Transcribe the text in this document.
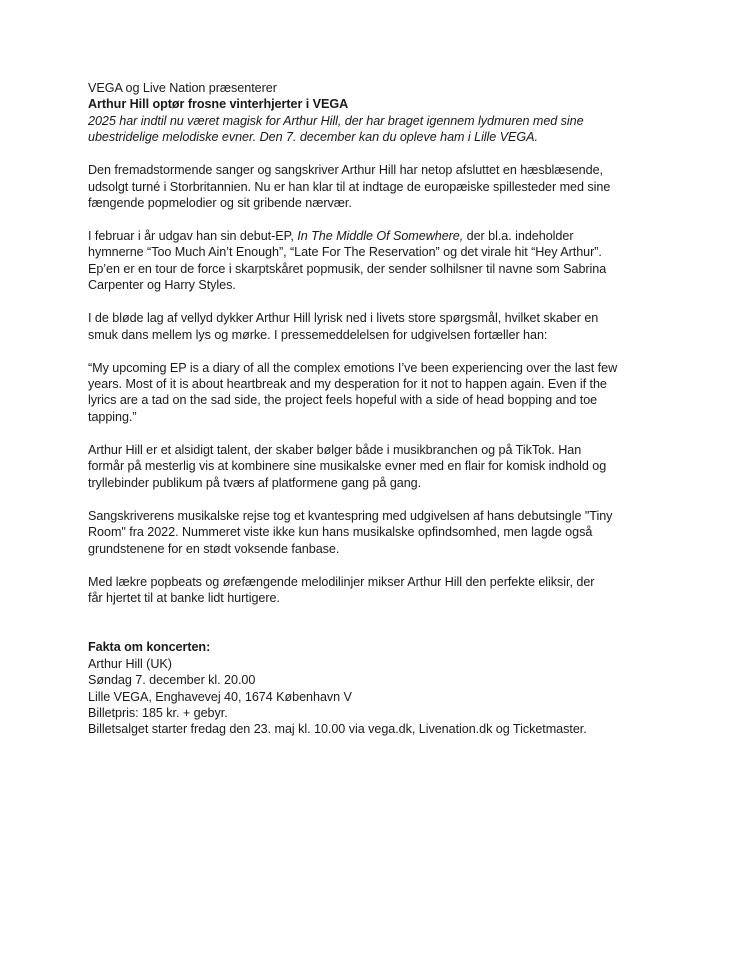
VEGA og Live Nation præsenterer
Arthur Hill optør frosne vinterhjerter i VEGA
2025 har indtil nu været magisk for Arthur Hill, der har braget igennem lydmuren med sine
ubestridelige melodiske evner. Den 7. december kan du opleve ham i Lille VEGA.
Den fremadstormende sanger og sangskriver Arthur Hill har netop afsluttet en hæsblæsende,
udsolgt turné i Storbritannien. Nu er han klar til at indtage de europæiske spillesteder med sine
fængende popmelodier og sit gribende nærvær.
I februar i år udgav han sin debut-EP, In The Middle Of Somewhere, der bl.a. indeholder
hymnerne “Too Much Ain’t Enough”, “Late For The Reservation” og det virale hit “Hey Arthur”.
Ep’en er en tour de force i skarptskåret popmusik, der sender solhilsner til navne som Sabrina
Carpenter og Harry Styles.
I de bløde lag af vellyd dykker Arthur Hill lyrisk ned i livets store spørgsmål, hvilket skaber en
smuk dans mellem lys og mørke. I pressemeddelelsen for udgivelsen fortæller han:
“My upcoming EP is a diary of all the complex emotions I’ve been experiencing over the last few
years. Most of it is about heartbreak and my desperation for it not to happen again. Even if the
lyrics are a tad on the sad side, the project feels hopeful with a side of head bopping and toe
tapping.”
Arthur Hill er et alsidigt talent, der skaber bølger både i musikbranchen og på TikTok. Han
formår på mesterlig vis at kombinere sine musikalske evner med en flair for komisk indhold og
tryllebinder publikum på tværs af platformene gang på gang.
Sangskriverens musikalske rejse tog et kvantespring med udgivelsen af hans debutsingle "Tiny
Room" fra 2022. Nummeret viste ikke kun hans musikalske opfindsomhed, men lagde også
grundstenene for en stødt voksende fanbase.
Med lækre popbeats og ørefængende melodilinjer mikser Arthur Hill den perfekte eliksir, der
får hjertet til at banke lidt hurtigere.
Fakta om koncerten:
Arthur Hill (UK)
Søndag 7. december kl. 20.00
Lille VEGA, Enghavevej 40, 1674 København V
Billetpris: 185 kr. + gebyr.
Billetsalget starter fredag den 23. maj kl. 10.00 via vega.dk, Livenation.dk og Ticketmaster.
